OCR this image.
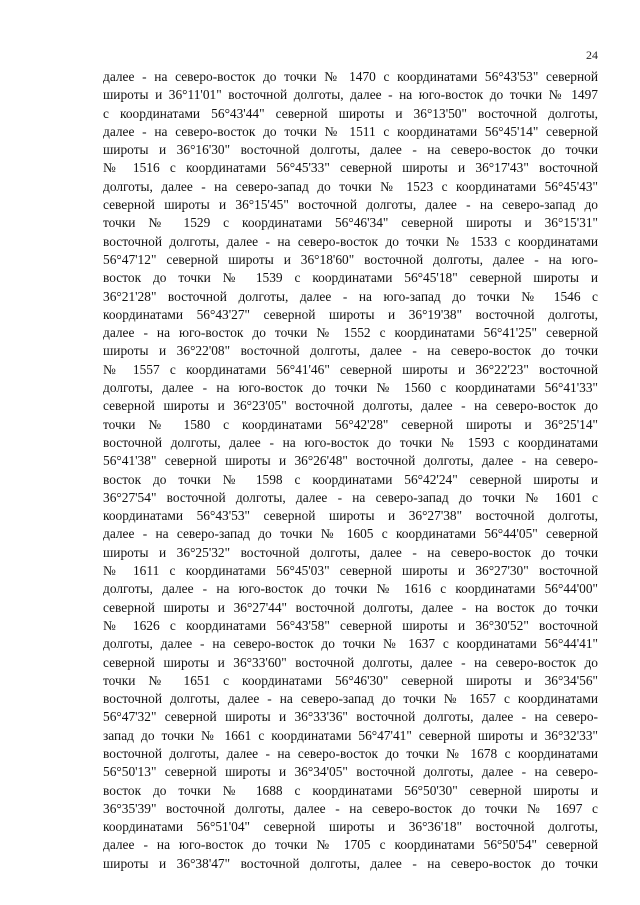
24
далее - на северо-восток до точки № 1470 с координатами 56°43'53" северной
широты и 36°11'01" восточной долготы, далее - на юго-восток до точки № 1497
с координатами 56°43'44" северной широты и 36°13'50" восточной долготы,
далее - на северо-восток до точки № 1511 с координатами 56°45'14" северной
широты и 36°16'30" восточной долготы, далее - на северо-восток до точки
№ 1516 с координатами 56°45'33" северной широты и 36°17'43" восточной
долготы, далее - на северо-запад до точки № 1523 с координатами 56°45'43"
северной широты и 36°15'45" восточной долготы, далее - на северо-запад до
точки № 1529 с координатами 56°46'34" северной широты и 36°15'31"
восточной долготы, далее - на северо-восток до точки № 1533 с координатами
56°47'12" северной широты и 36°18'60" восточной долготы, далее - на юго-
восток до точки № 1539 с координатами 56°45'18" северной широты и
36°21'28" восточной долготы, далее - на юго-запад до точки № 1546 с
координатами 56°43'27" северной широты и 36°19'38" восточной долготы,
далее - на юго-восток до точки № 1552 с координатами 56°41'25" северной
широты и 36°22'08" восточной долготы, далее - на северо-восток до точки
№ 1557 с координатами 56°41'46" северной широты и 36°22'23" восточной
долготы, далее - на юго-восток до точки № 1560 с координатами 56°41'33"
северной широты и 36°23'05" восточной долготы, далее - на северо-восток до
точки № 1580 с координатами 56°42'28" северной широты и 36°25'14"
восточной долготы, далее - на юго-восток до точки № 1593 с координатами
56°41'38" северной широты и 36°26'48" восточной долготы, далее - на северо-
восток до точки № 1598 с координатами 56°42'24" северной широты и
36°27'54" восточной долготы, далее - на северо-запад до точки № 1601 с
координатами 56°43'53" северной широты и 36°27'38" восточной долготы,
далее - на северо-запад до точки № 1605 с координатами 56°44'05" северной
широты и 36°25'32" восточной долготы, далее - на северо-восток до точки
№ 1611 с координатами 56°45'03" северной широты и 36°27'30" восточной
долготы, далее - на юго-восток до точки № 1616 с координатами 56°44'00"
северной широты и 36°27'44" восточной долготы, далее - на восток до точки
№ 1626 с координатами 56°43'58" северной широты и 36°30'52" восточной
долготы, далее - на северо-восток до точки № 1637 с координатами 56°44'41"
северной широты и 36°33'60" восточной долготы, далее - на северо-восток до
точки № 1651 с координатами 56°46'30" северной широты и 36°34'56"
восточной долготы, далее - на северо-запад до точки № 1657 с координатами
56°47'32" северной широты и 36°33'36" восточной долготы, далее - на северо-
запад до точки № 1661 с координатами 56°47'41" северной широты и 36°32'33"
восточной долготы, далее - на северо-восток до точки № 1678 с координатами
56°50'13" северной широты и 36°34'05" восточной долготы, далее - на северо-
восток до точки № 1688 с координатами 56°50'30" северной широты и
36°35'39" восточной долготы, далее - на северо-восток до точки № 1697 с
координатами 56°51'04" северной широты и 36°36'18" восточной долготы,
далее - на юго-восток до точки № 1705 с координатами 56°50'54" северной
широты и 36°38'47" восточной долготы, далее - на северо-восток до точки
